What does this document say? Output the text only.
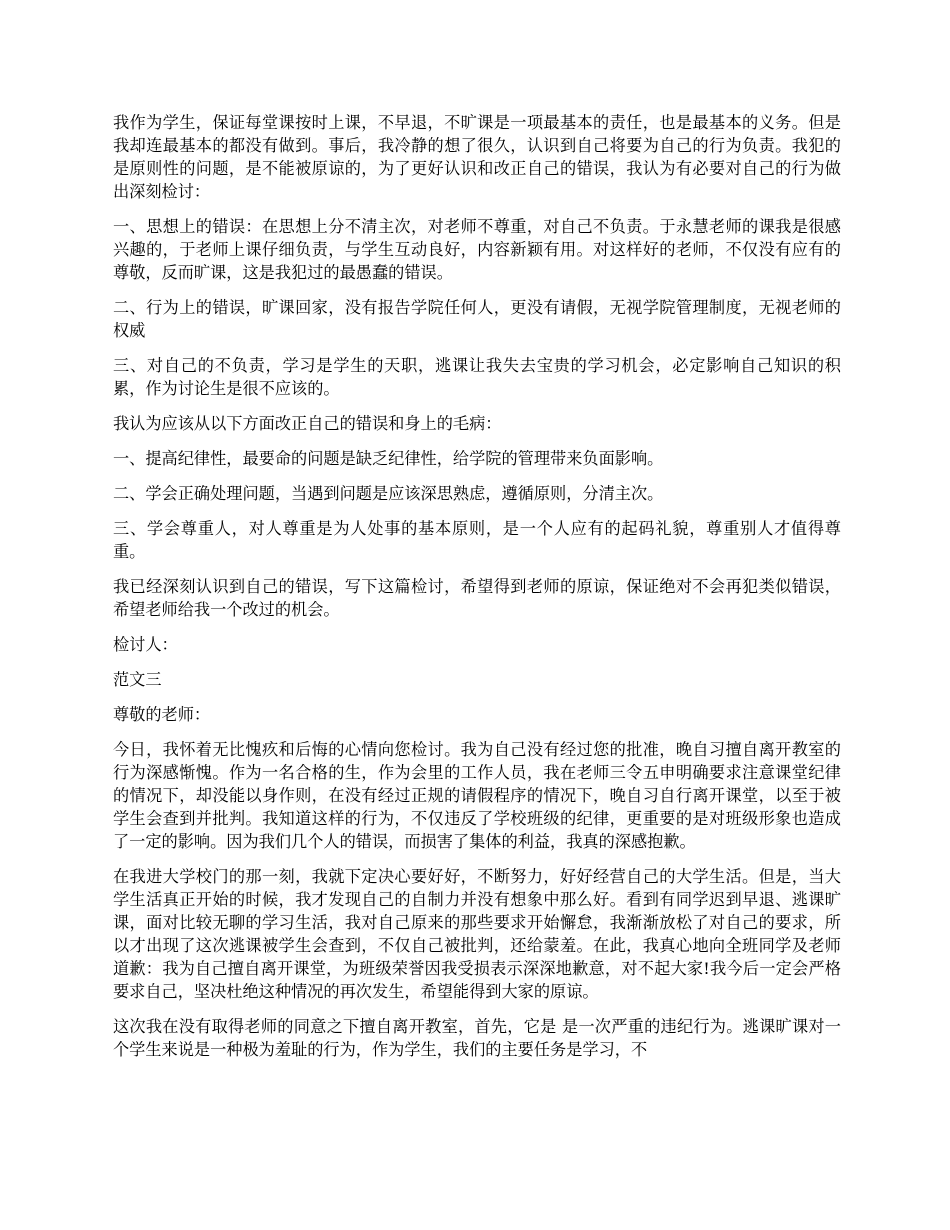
我作为学生，保证每堂课按时上课，不早退，不旷课是一项最基本的责任，也是最基本的义务。但是我却连最基本的都没有做到。事后，我冷静的想了很久，认识到自己将要为自己的行为负责。我犯的是原则性的问题，是不能被原谅的，为了更好认识和改正自己的错误，我认为有必要对自己的行为做出深刻检讨：

一、思想上的错误：在思想上分不清主次，对老师不尊重，对自己不负责。于永慧老师的课我是很感兴趣的，于老师上课仔细负责，与学生互动良好，内容新颖有用。对这样好的老师，不仅没有应有的尊敬，反而旷课，这是我犯过的最愚蠢的错误。

二、行为上的错误，旷课回家，没有报告学院任何人，更没有请假，无视学院管理制度，无视老师的权威

三、对自己的不负责，学习是学生的天职，逃课让我失去宝贵的学习机会，必定影响自己知识的积累，作为讨论生是很不应该的。

我认为应该从以下方面改正自己的错误和身上的毛病：

一、提高纪律性，最要命的问题是缺乏纪律性，给学院的管理带来负面影响。

二、学会正确处理问题，当遇到问题是应该深思熟虑，遵循原则，分清主次。

三、学会尊重人，对人尊重是为人处事的基本原则，是一个人应有的起码礼貌，尊重别人才值得尊重。

我已经深刻认识到自己的错误，写下这篇检讨，希望得到老师的原谅，保证绝对不会再犯类似错误，希望老师给我一个改过的机会。

检讨人：

范文三

尊敬的老师：

今日，我怀着无比愧疚和后悔的心情向您检讨。我为自己没有经过您的批准，晚自习擅自离开教室的行为深感惭愧。作为一名合格的生，作为会里的工作人员，我在老师三令五申明确要求注意课堂纪律的情况下，却没能以身作则，在没有经过正规的请假程序的情况下，晚自习自行离开课堂，以至于被学生会查到并批判。我知道这样的行为，不仅违反了学校班级的纪律，更重要的是对班级形象也造成了一定的影响。因为我们几个人的错误，而损害了集体的利益，我真的深感抱歉。

在我进大学校门的那一刻，我就下定决心要好好，不断努力，好好经营自己的大学生活。但是，当大学生活真正开始的时候，我才发现自己的自制力并没有想象中那么好。看到有同学迟到早退、逃课旷课，面对比较无聊的学习生活，我对自己原来的那些要求开始懈怠，我渐渐放松了对自己的要求，所以才出现了这次逃课被学生会查到，不仅自己被批判，还给蒙羞。在此，我真心地向全班同学及老师道歉：我为自己擅自离开课堂，为班级荣誉因我受损表示深深地歉意，对不起大家!我今后一定会严格要求自己，坚决杜绝这种情况的再次发生，希望能得到大家的原谅。

这次我在没有取得老师的同意之下擅自离开教室，首先，它是 是一次严重的违纪行为。逃课旷课对一个学生来说是一种极为羞耻的行为，作为学生，我们的主要任务是学习，不
